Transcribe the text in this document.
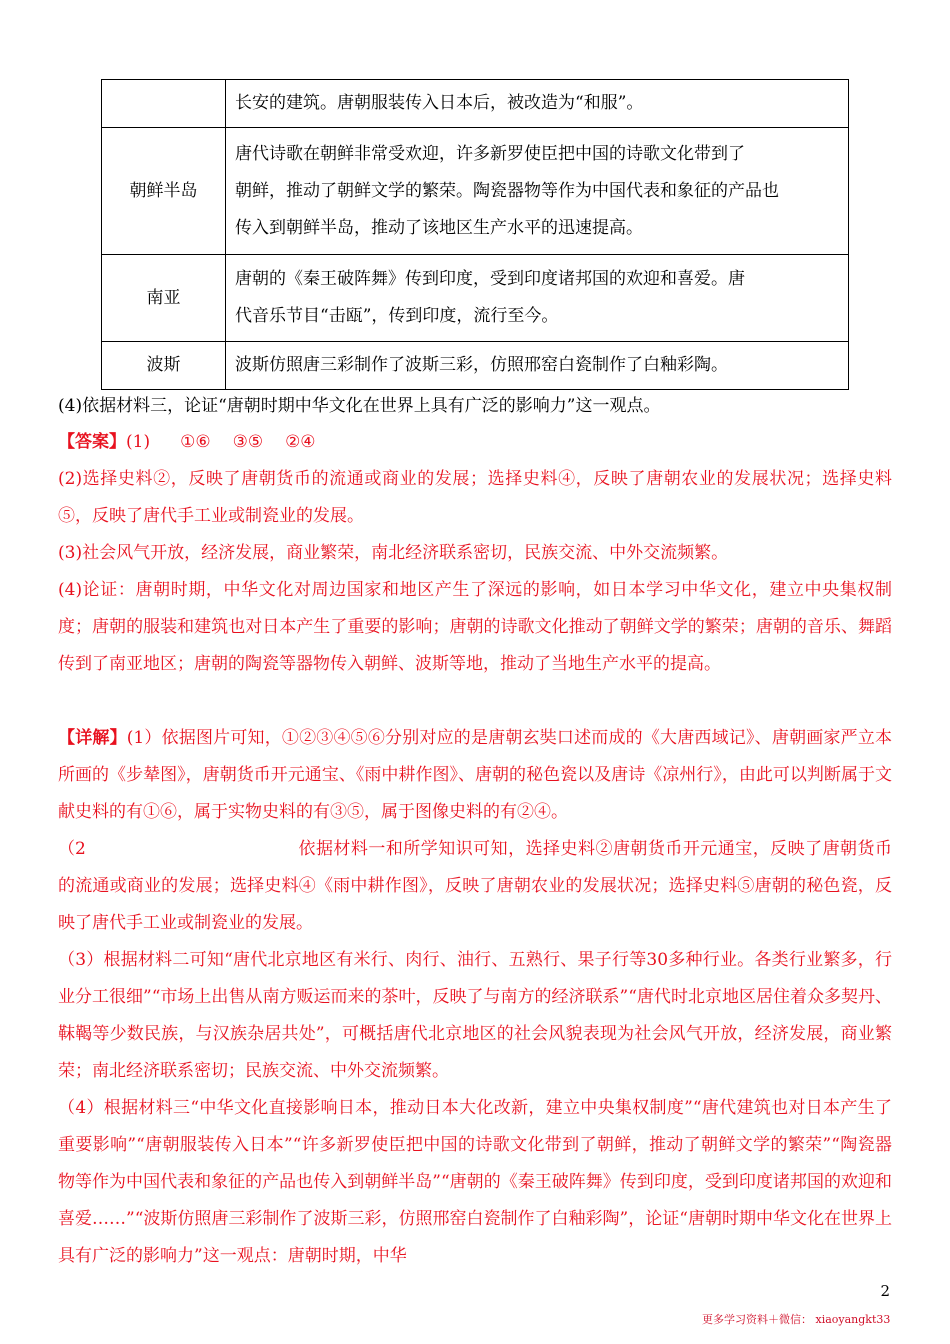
	长安的建筑。唐朝服装传入日本后，被改造为“和服”。

朝鲜半岛	唐代诗歌在朝鲜非常受欢迎，许多新罗使臣把中国的诗歌文化带到了
朝鲜，推动了朝鲜文学的繁荣。陶瓷器物等作为中国代表和象征的产品也
传入到朝鲜半岛，推动了该地区生产水平的迅速提高。

南亚	唐朝的《秦王破阵舞》传到印度，受到印度诸邦国的欢迎和喜爱。唐
代音乐节目“击瓯”，传到印度，流行至今。

波斯	波斯仿照唐三彩制作了波斯三彩，仿照邢窑白瓷制作了白釉彩陶。
(4)依据材料三，论证“唐朝时期中华文化在世界上具有广泛的影响力”这一观点。
【答案】(1) ①⑥ ③⑤ ②④
(2)选择史料②，反映了唐朝货币的流通或商业的发展；选择史料④，反映了唐朝农业的发展状况；选择史料⑤，反映了唐代手工业或制瓷业的发展。
(3)社会风气开放，经济发展，商业繁荣，南北经济联系密切，民族交流、中外交流频繁。
(4)论证：唐朝时期，中华文化对周边国家和地区产生了深远的影响，如日本学习中华文化，建立中央集权制度；唐朝的服装和建筑也对日本产生了重要的影响；唐朝的诗歌文化推动了朝鲜文学的繁荣；唐朝的音乐、舞蹈传到了南亚地区；唐朝的陶瓷等器物传入朝鲜、波斯等地，推动了当地生产水平的提高。
【详解】(1）依据图片可知，①②③④⑤⑥分别对应的是唐朝玄奘口述而成的《大唐西域记》、唐朝画家严立本所画的《步辇图》，唐朝货币开元通宝、《雨中耕作图》、唐朝的秘色瓷以及唐诗《凉州行》，由此可以判断属于文献史料的有①⑥，属于实物史料的有③⑤，属于图像史料的有②④。
（2	依据材料一和所学知识可知，选择史料②唐朝货币开元通宝，反映了唐朝货币的流通或商业的发展；选择史料④《雨中耕作图》，反映了唐朝农业的发展状况；选择史料⑤唐朝的秘色瓷，反映了唐代手工业或制瓷业的发展。
（3）根据材料二可知“唐代北京地区有米行、肉行、油行、五熟行、果子行等30多种行业。各类行业繁多，行业分工很细”“市场上出售从南方贩运而来的茶叶，反映了与南方的经济联系”“唐代时北京地区居住着众多契丹、靺鞨等少数民族，与汉族杂居共处”，可概括唐代北京地区的社会风貌表现为社会风气开放，经济发展，商业繁荣；南北经济联系密切；民族交流、中外交流频繁。
（4）根据材料三“中华文化直接影响日本，推动日本大化改新，建立中央集权制度”“唐代建筑也对日本产生了重要影响”“唐朝服装传入日本”“许多新罗使臣把中国的诗歌文化带到了朝鲜，推动了朝鲜文学的繁荣”“陶瓷器物等作为中国代表和象征的产品也传入到朝鲜半岛”“唐朝的《秦王破阵舞》传到印度，受到印度诸邦国的欢迎和喜爱……”“波斯仿照唐三彩制作了波斯三彩，仿照邢窑白瓷制作了白釉彩陶”，论证“唐朝时期中华文化在世界上具有广泛的影响力”这一观点：唐朝时期，中华
2
更多学习资料＋微信： xiaoyangkt33
